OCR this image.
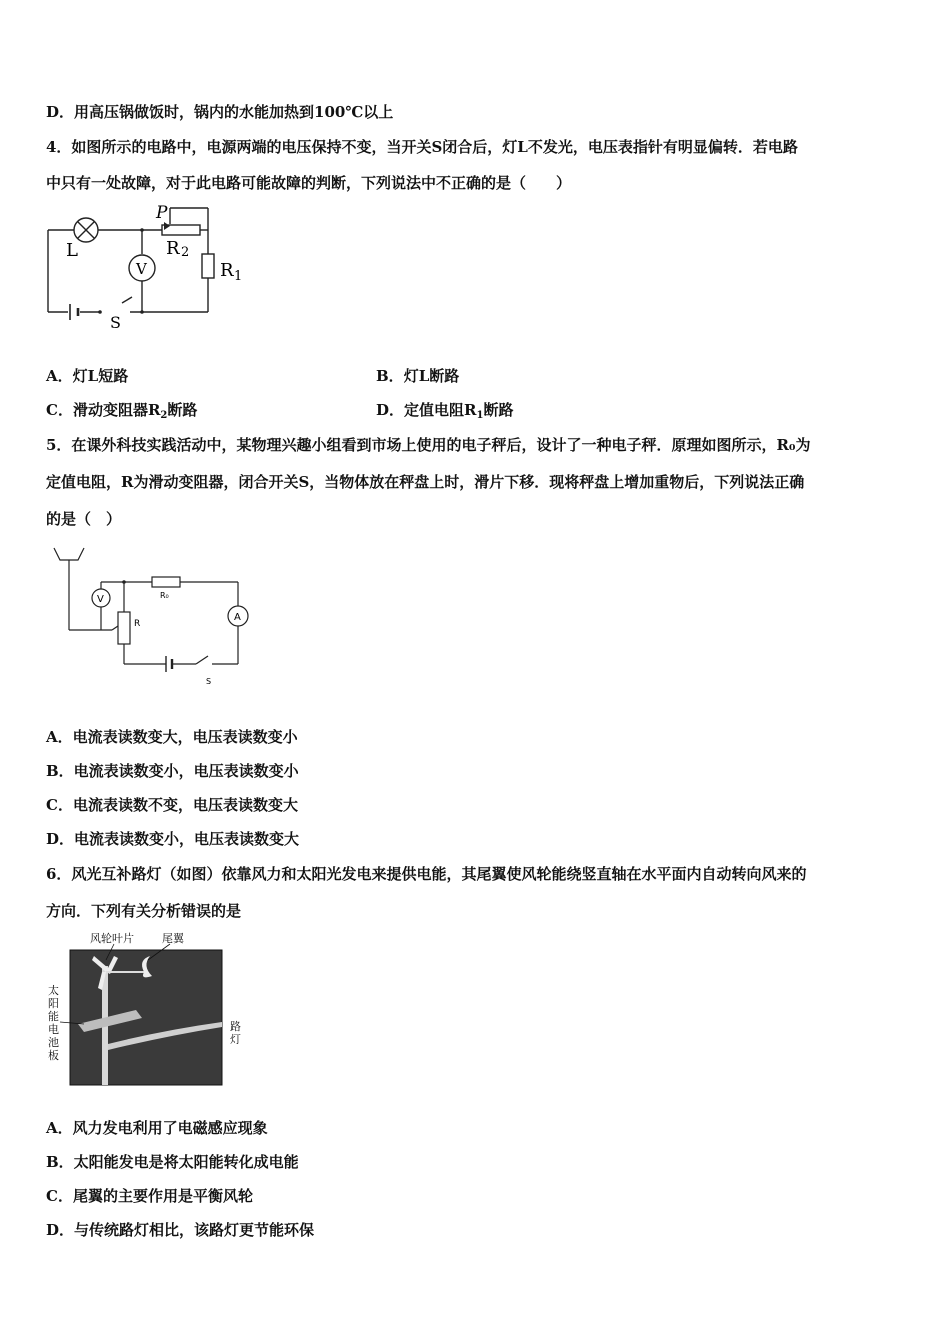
D．用高压锅做饭时，锅内的水能加热到100℃以上
4．如图所示的电路中，电源两端的电压保持不变，当开关S闭合后，灯L不发光，电压表指针有明显偏转．若电路
中只有一处故障，对于此电路可能故障的判断，下列说法中不正确的是（　　）
L
P
R 2
R 1
V
S
A．灯L短路	B．灯L断路
C．滑动变阻器$R_2$断路	D．定值电阻$R_1$断路
5．在课外科技实践活动中，某物理兴趣小组看到市场上使用的电子秤后，设计了一种电子秤．原理如图所示，R₀为
定值电阻，R为滑动变阻器，闭合开关S，当物体放在秤盘上时，滑片下移．现将秤盘上增加重物后，下列说法正确
的是（　）
R₀
R
V
A
S
A．电流表读数变大，电压表读数变小
B．电流表读数变小，电压表读数变小
C．电流表读数不变，电压表读数变大
D．电流表读数变小，电压表读数变大
6．风光互补路灯（如图）依靠风力和太阳光发电来提供电能，其尾翼使风轮能绕竖直轴在水平面内自动转向风来的
方向．下列有关分析错误的是
风轮叶片	尾翼
太
阳
能
电
池
板
路
灯
A．风力发电利用了电磁感应现象
B．太阳能发电是将太阳能转化成电能
C．尾翼的主要作用是平衡风轮
D．与传统路灯相比，该路灯更节能环保
